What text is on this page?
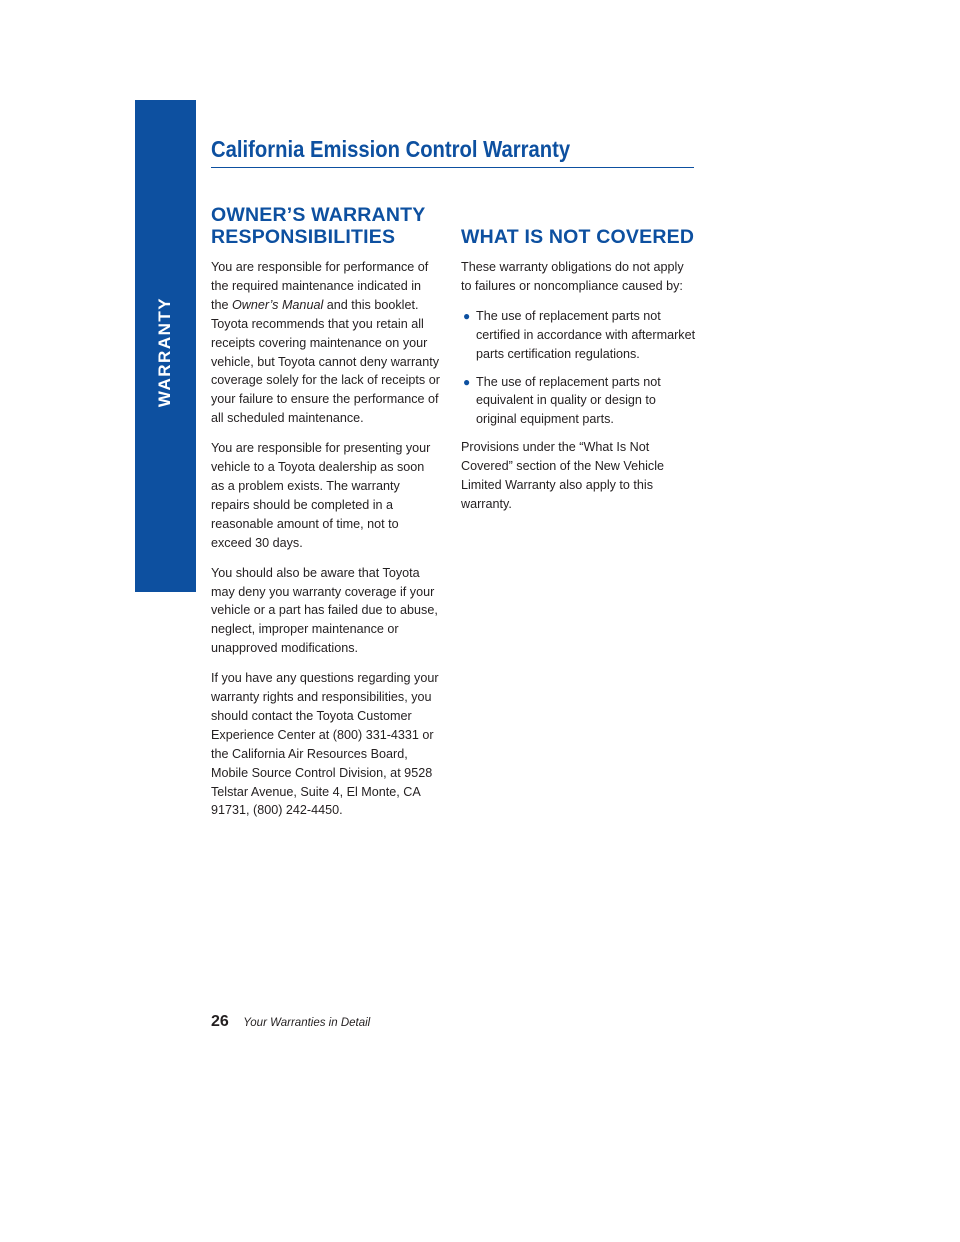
WARRANTY
California Emission Control Warranty
OWNER’S WARRANTY
RESPONSIBILITIES

You are responsible for performance of the required maintenance indicated in the Owner’s Manual and this booklet. Toyota recommends that you retain all receipts covering maintenance on your vehicle, but Toyota cannot deny warranty coverage solely for the lack of receipts or your failure to ensure the performance of all scheduled maintenance.

You are responsible for presenting your vehicle to a Toyota dealership as soon as a problem exists. The warranty repairs should be completed in a reasonable amount of time, not to exceed 30 days.

You should also be aware that Toyota may deny you warranty coverage if your vehicle or a part has failed due to abuse, neglect, improper maintenance or unapproved modifications.

If you have any questions regarding your warranty rights and responsibilities, you should contact the Toyota Customer Experience Center at (800) 331-4331 or the California Air Resources Board, Mobile Source Control Division, at 9528 Telstar Avenue, Suite 4, El Monte, CA 91731, (800) 242-4450.

WHAT IS NOT COVERED

These warranty obligations do not apply to failures or noncompliance caused by:

● The use of replacement parts not certified in accordance with aftermarket parts certification regulations.
● The use of replacement parts not equivalent in quality or design to original equipment parts.

Provisions under the “What Is Not Covered” section of the New Vehicle Limited Warranty also apply to this warranty.

26 Your Warranties in Detail
